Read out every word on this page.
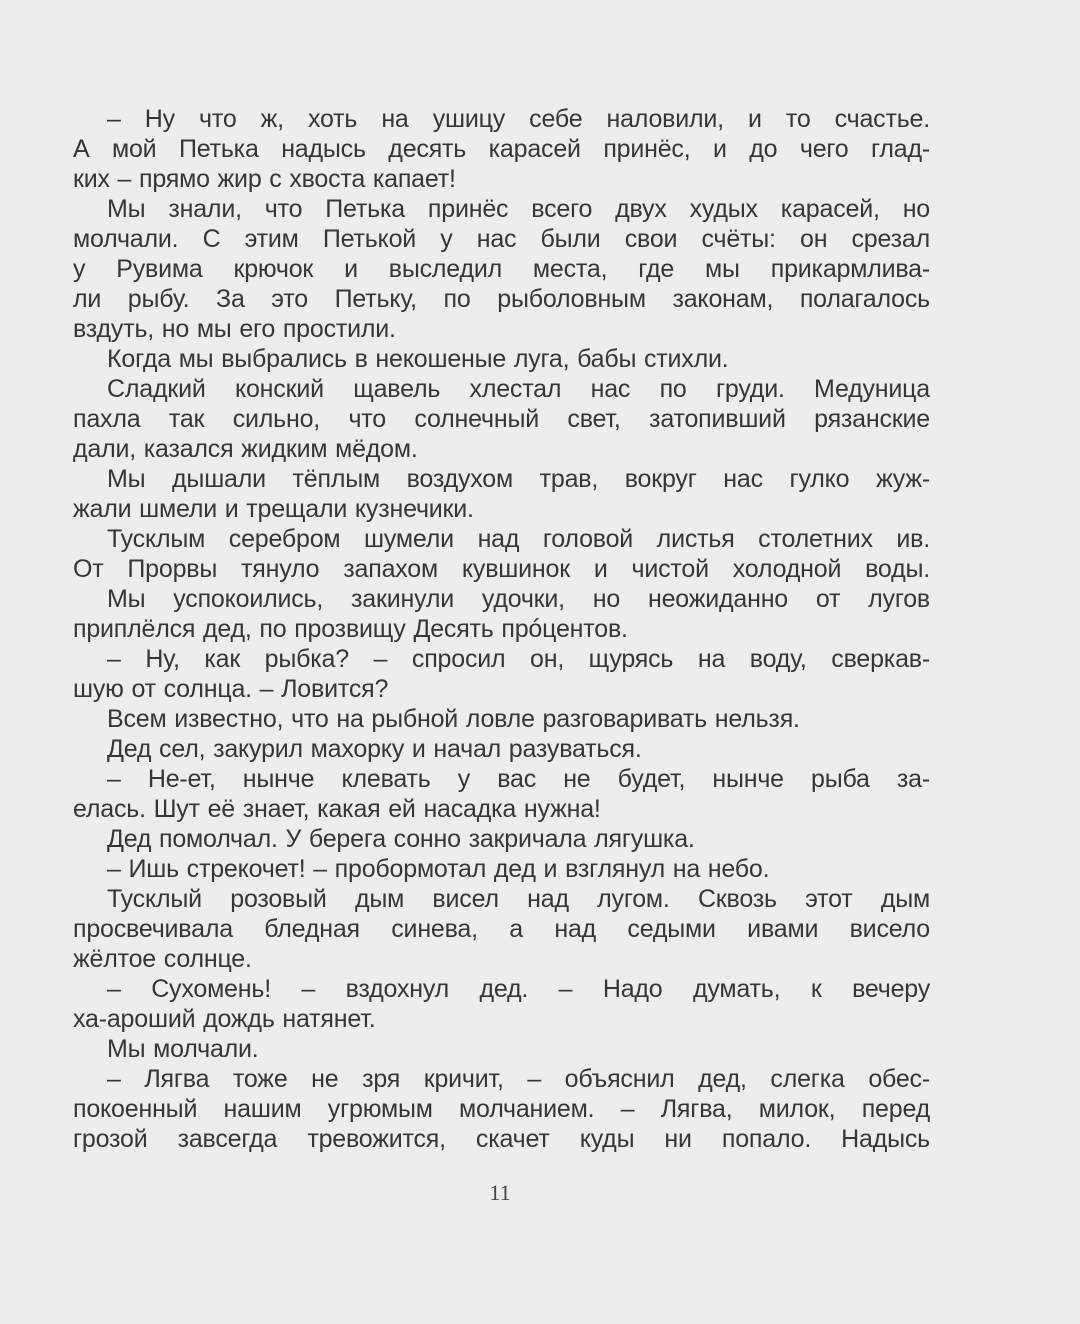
– Ну что ж, хоть на ушицу себе наловили, и то счастье.
А мой Петька надысь десять карасей принёс, и до чего глад-
ких – прямо жир с хвоста капает!
Мы знали, что Петька принёс всего двух худых карасей, но
молчали. С этим Петькой у нас были свои счёты: он срезал
у Рувима крючок и выследил места, где мы прикармлива-
ли рыбу. За это Петьку, по рыболовным законам, полагалось
вздуть, но мы его простили.
Когда мы выбрались в некошеные луга, бабы стихли.
Сладкий конский щавель хлестал нас по груди. Медуница
пахла так сильно, что солнечный свет, затопивший рязанские
дали, казался жидким мёдом.
Мы дышали тёплым воздухом трав, вокруг нас гулко жуж-
жали шмели и трещали кузнечики.
Тусклым серебром шумели над головой листья столетних ив.
От Прорвы тянуло запахом кувшинок и чистой холодной воды.
Мы успокоились, закинули удочки, но неожиданно от лугов
приплёлся дед, по прозвищу Десять прóцентов.
– Ну, как рыбка? – спросил он, щурясь на воду, сверкав-
шую от солнца. – Ловится?
Всем известно, что на рыбной ловле разговаривать нельзя.
Дед сел, закурил махорку и начал разуваться.
– Не-ет, нынче клевать у вас не будет, нынче рыба за-
елась. Шут её знает, какая ей насадка нужна!
Дед помолчал. У берега сонно закричала лягушка.
– Ишь стрекочет! – пробормотал дед и взглянул на небо.
Тусклый розовый дым висел над лугом. Сквозь этот дым
просвечивала бледная синева, а над седыми ивами висело
жёлтое солнце.
– Сухомень! – вздохнул дед. – Надо думать, к вечеру
ха-ароший дождь натянет.
Мы молчали.
– Лягва тоже не зря кричит, – объяснил дед, слегка обес-
покоенный нашим угрюмым молчанием. – Лягва, милок, перед
грозой завсегда тревожится, скачет куды ни попало. Надысь
11
